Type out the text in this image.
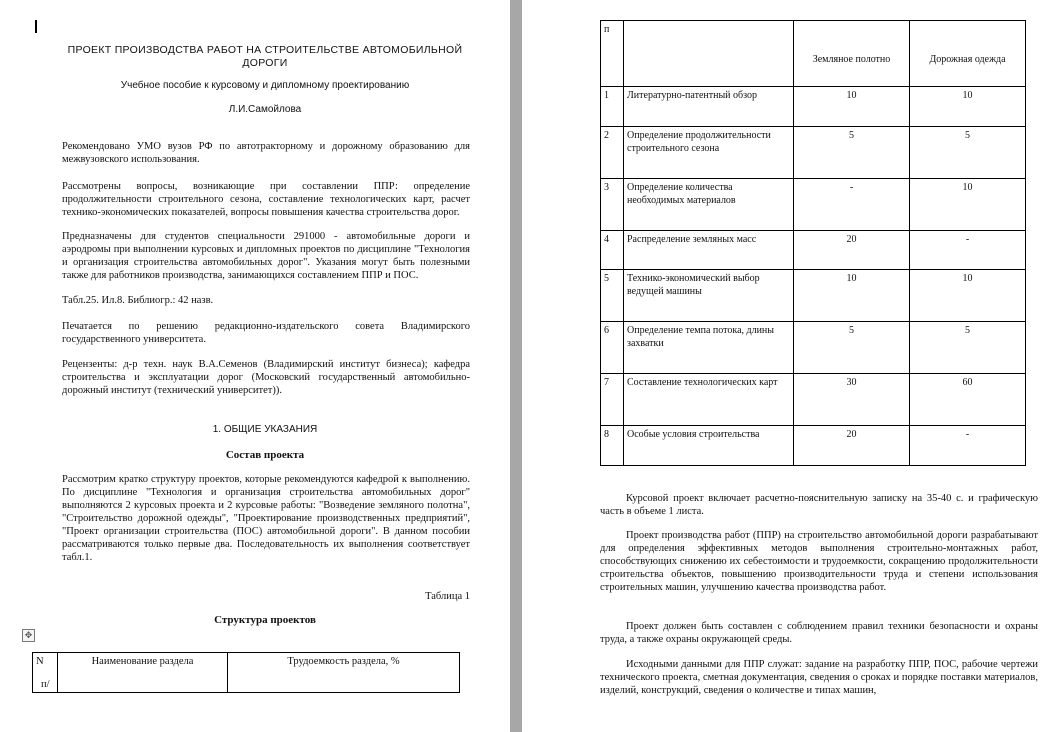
ПРОЕКТ ПРОИЗВОДСТВА РАБОТ НА СТРОИТЕЛЬСТВЕ АВТОМОБИЛЬНОЙ ДОРОГИ
Учебное пособие к курсовому и дипломному проектированию
Л.И.Самойлова
Рекомендовано УМО вузов РФ по автотракторному и дорожному образованию для межвузовского использования.
Рассмотрены вопросы, возникающие при составлении ППР: определение продолжительности строительного сезона, составление технологических карт, расчет технико-экономических показателей, вопросы повышения качества строительства дорог.
Предназначены для студентов специальности 291000 - автомобильные дороги и аэродромы при выполнении курсовых и дипломных проектов по дисциплине "Технология и организация строительства автомобильных дорог". Указания могут быть полезными также для работников производства, занимающихся составлением ППР и ПОС.
Табл.25. Ил.8. Библиогр.: 42 назв.
Печатается по решению редакционно-издательского совета Владимирского государственного университета.
Рецензенты: д-р техн. наук В.А.Семенов (Владимирский институт бизнеса); кафедра строительства и эксплуатации дорог (Московский государственный автомобильно-дорожный институт (технический университет)).
1. ОБЩИЕ УКАЗАНИЯ
Состав проекта
Рассмотрим кратко структуру проектов, которые рекомендуются кафедрой к выполнению. По дисциплине "Технология и организация строительства автомобильных дорог" выполняются 2 курсовых проекта и 2 курсовые работы: "Возведение земляного полотна", "Строительство дорожной одежды", "Проектирование производственных предприятий", "Проект организации строительства (ПОС) автомобильной дороги". В данном пособии рассматриваются только первые два. Последовательность их выполнения соответствует табл.1.
Таблица 1
Структура проектов
✥
N
п/
	Наименование раздела	Трудоемкость раздела, %
п		Земляное полотно	Дорожная одежда
1	Литературно-патентный обзор	10	10
2	Определение продолжительности строительного сезона	5	5
3	Определение количества необходимых материалов	-	10
4	Распределение земляных масс	20	-
5	Технико-экономический выбор ведущей машины	10	10
6	Определение темпа потока, длины захватки	5	5
7	Составление технологических карт	30	60
8	Особые условия строительства	20	-
Курсовой проект включает расчетно-пояснительную записку на 35-40 с. и графическую часть в объеме 1 листа.
Проект производства работ (ППР) на строительство автомобильной дороги разрабатывают для определения эффективных методов выполнения строительно-монтажных работ, способствующих снижению их себестоимости и трудоемкости, сокращению продолжительности строительства объектов, повышению производительности труда и степени использования строительных машин, улучшению качества производства работ.
Проект должен быть составлен с соблюдением правил техники безопасности и охраны труда, а также охраны окружающей среды.
Исходными данными для ППР служат: задание на разработку ППР, ПОС, рабочие чертежи технического проекта, сметная документация, сведения о сроках и порядке поставки материалов, изделий, конструкций, сведения о количестве и типах машин,
